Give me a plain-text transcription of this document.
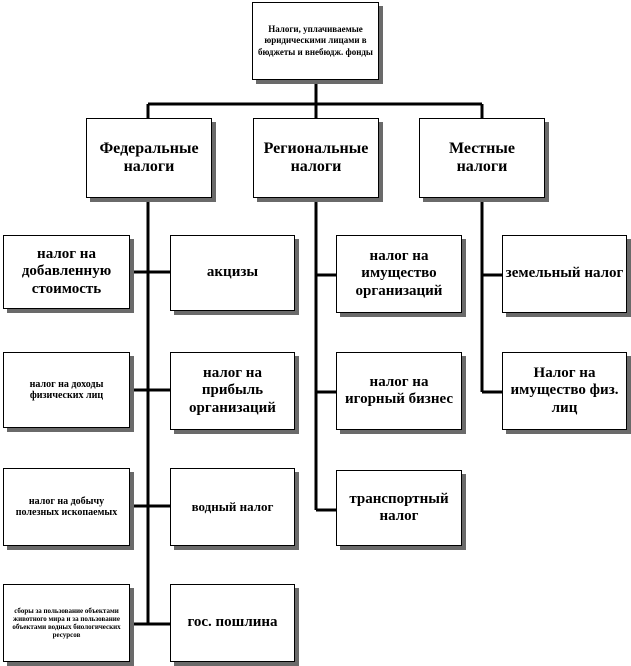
Налоги, уплачиваемые юридическими лицами в бюджеты и внебюдж. фонды
Федеральные налоги
Региональные налоги
Местные налоги
налог на добавленную стоимость
налог на доходы физических лиц
налог на добычу полезных ископаемых
сборы за пользование объектами животного мира и за пользование объектами водных биологических ресурсов
акцизы
налог на прибыль организаций
водный налог
гос. пошлина
налог на имущество организаций
налог на игорный бизнес
транспортный налог
земельный налог
Налог на имущество физ. лиц
